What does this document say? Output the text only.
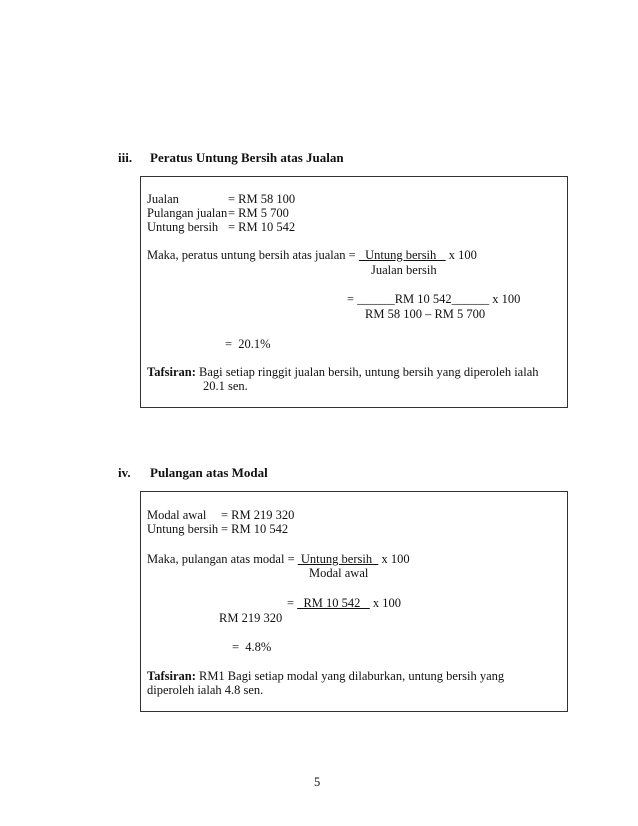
iii. Peratus Untung Bersih atas Jualan
Jualan	= RM 58 100
Pulangan jualan = RM 5 700
Untung bersih = RM 10 542
Maka, peratus untung bersih atas jualan =   Untung bersih    x 100
Jualan bersih
= ______RM 10 542______ x 100
RM 58 100 – RM 5 700
=  20.1%
Tafsiran: Bagi setiap ringgit jualan bersih, untung bersih yang diperoleh ialah
20.1 sen.
iv. Pulangan atas Modal
Modal awal = RM 219 320
Untung bersih = RM 10 542
Maka, pulangan atas modal =  Untung bersih   x 100
Modal awal
=   RM 10 542    x 100
RM 219 320
=  4.8%
Tafsiran: RM1 Bagi setiap modal yang dilaburkan, untung bersih yang
diperoleh ialah 4.8 sen.
5
